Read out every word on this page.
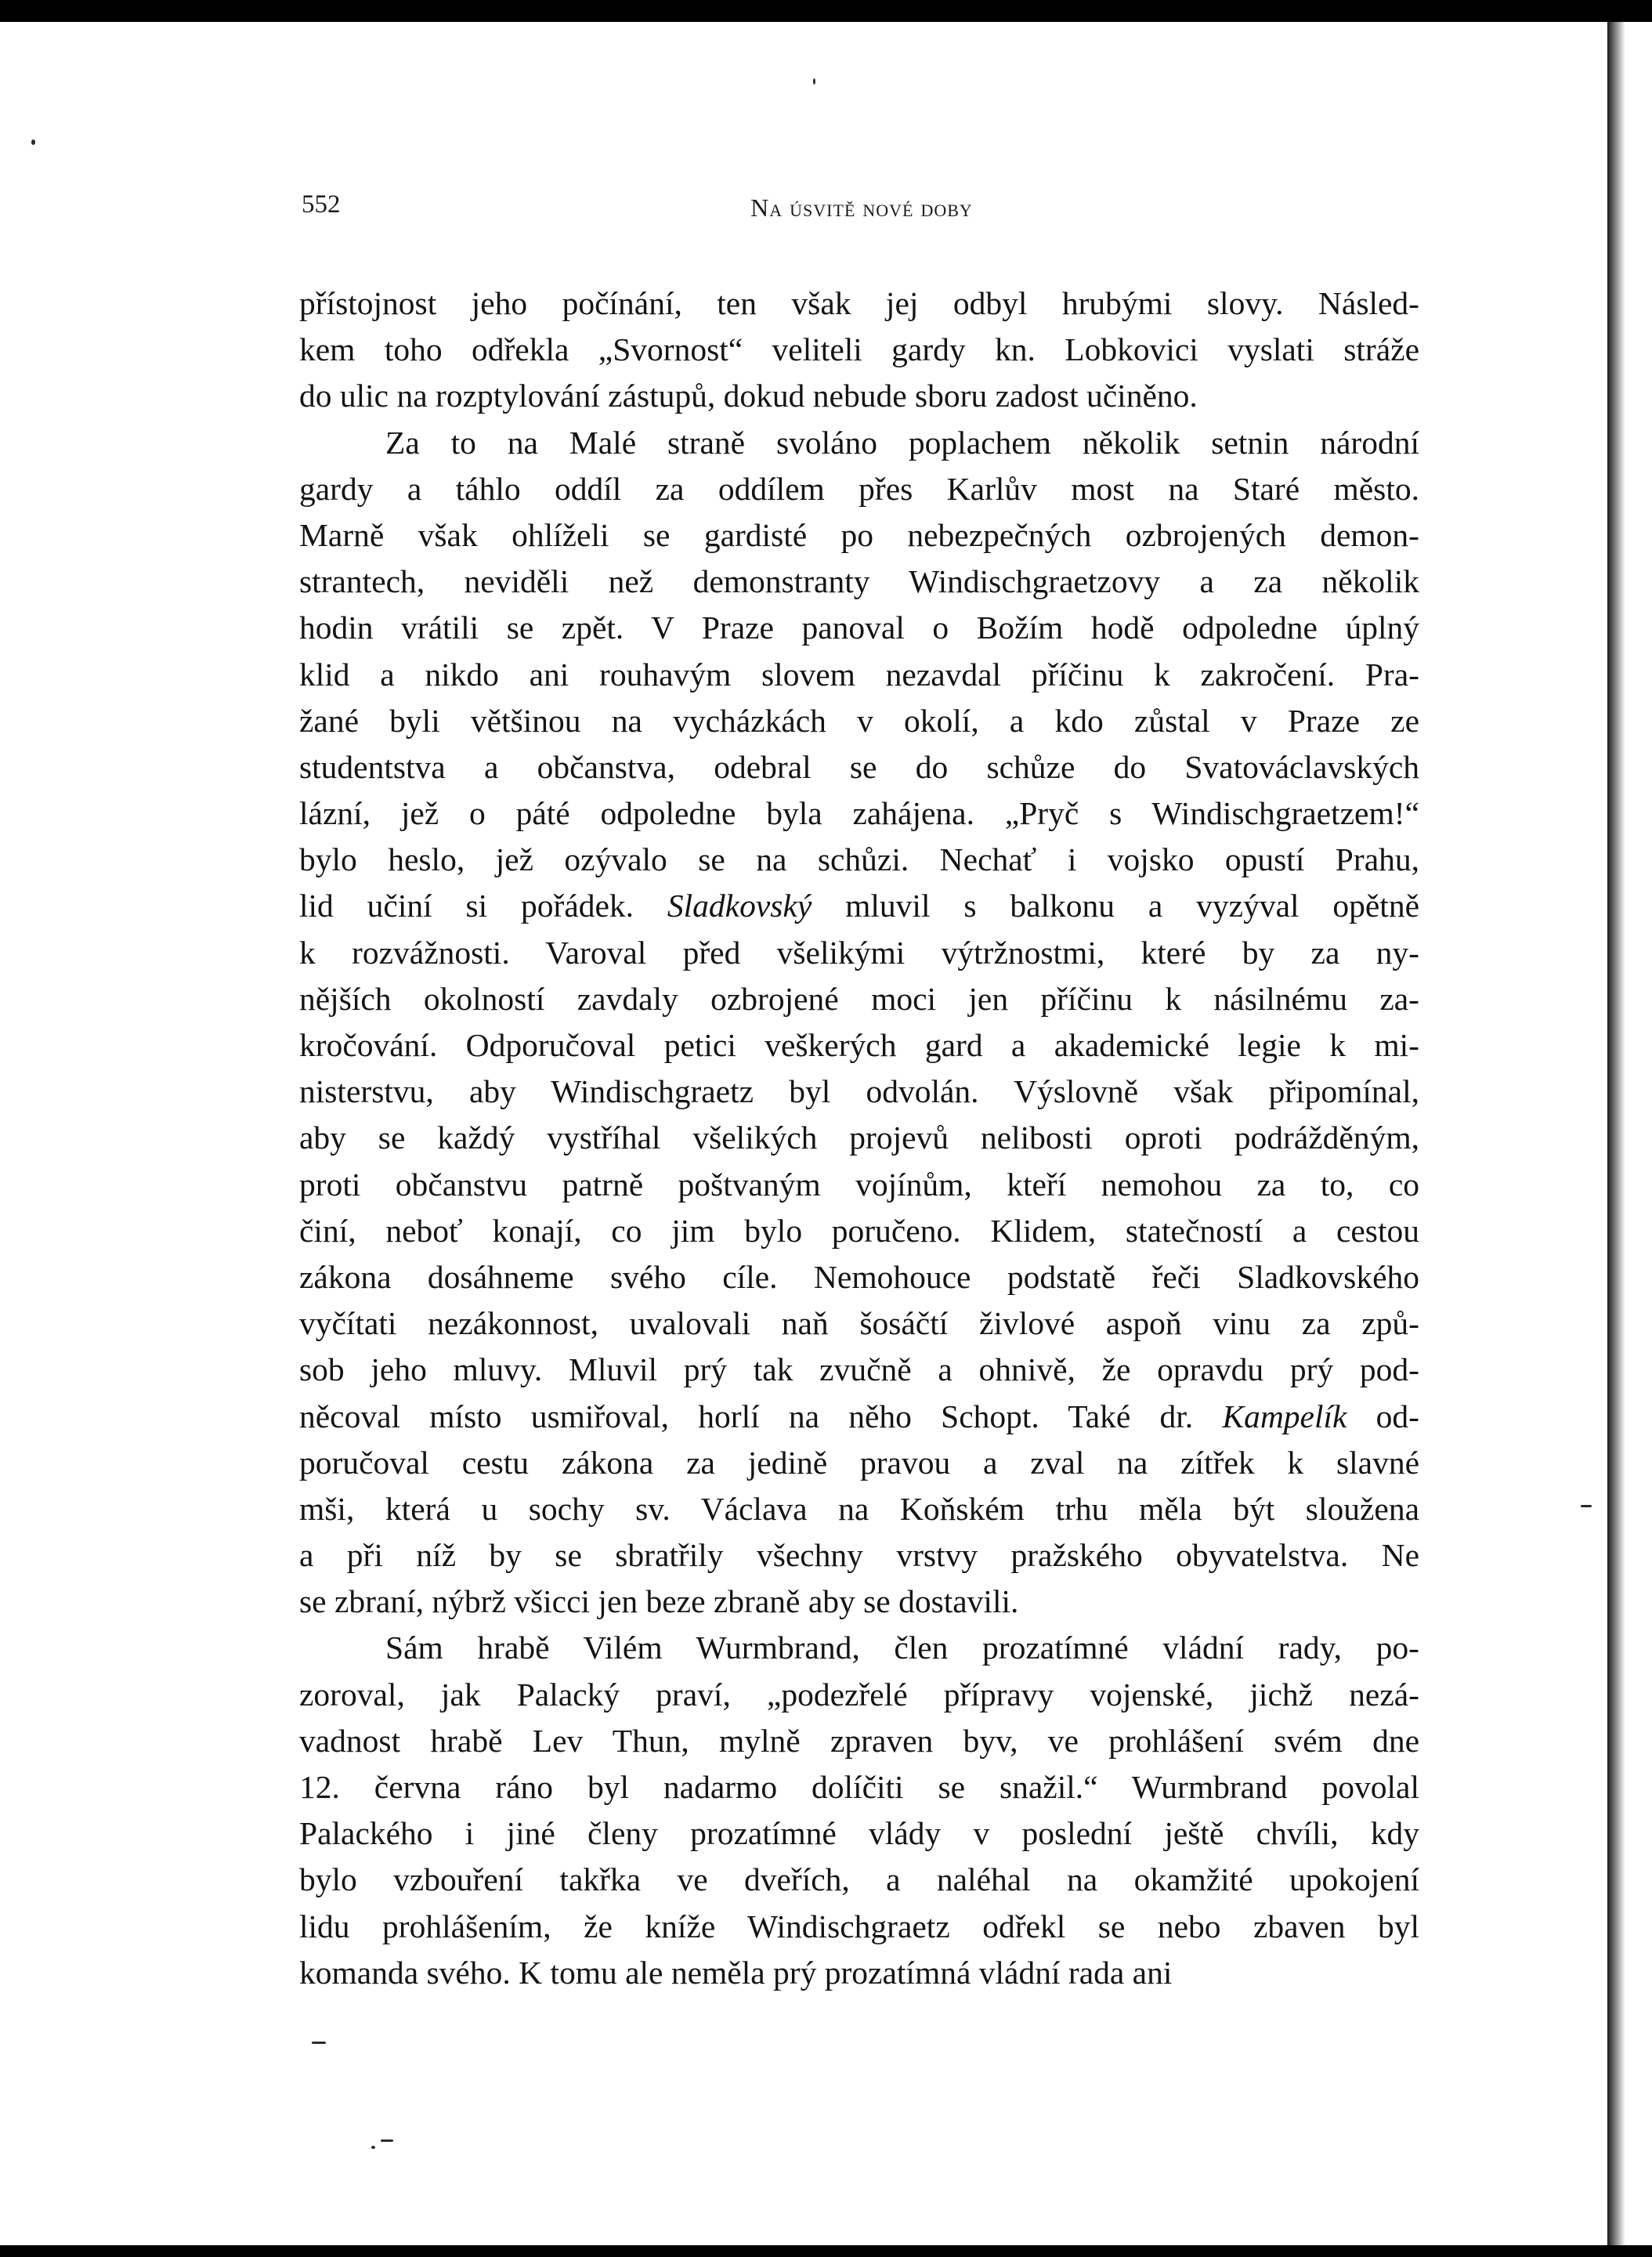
552	Na úsvitě nové doby
přístojnost jeho počínání, ten však jej odbyl hrubými slovy. Násled-
kem toho odřekla „Svornost“ veliteli gardy kn. Lobkovici vyslati stráže
do ulic na rozptylování zástupů, dokud nebude sboru zadost učiněno.
Za to na Malé straně svoláno poplachem několik setnin národní
gardy a táhlo oddíl za oddílem přes Karlův most na Staré město.
Marně však ohlíželi se gardisté po nebezpečných ozbrojených demon-
strantech, neviděli než demonstranty Windischgraetzovy a za několik
hodin vrátili se zpět. V Praze panoval o Božím hodě odpoledne úplný
klid a nikdo ani rouhavým slovem nezavdal příčinu k zakročení. Pra-
žané byli většinou na vycházkách v okolí, a kdo zůstal v Praze ze
studentstva a občanstva, odebral se do schůze do Svatováclavských
lázní, jež o páté odpoledne byla zahájena. „Pryč s Windischgraetzem!“
bylo heslo, jež ozývalo se na schůzi. Nechať i vojsko opustí Prahu,
lid učiní si pořádek. Sladkovský mluvil s balkonu a vyzýval opětně
k rozvážnosti. Varoval před všelikými výtržnostmi, které by za ny-
nějších okolností zavdaly ozbrojené moci jen příčinu k násilnému za-
kročování. Odporučoval petici veškerých gard a akademické legie k mi-
nisterstvu, aby Windischgraetz byl odvolán. Výslovně však připomínal,
aby se každý vystříhal všelikých projevů nelibosti oproti podrážděným,
proti občanstvu patrně poštvaným vojínům, kteří nemohou za to, co
činí, neboť konají, co jim bylo poručeno. Klidem, statečností a cestou
zákona dosáhneme svého cíle. Nemohouce podstatě řeči Sladkovského
vyčítati nezákonnost, uvalovali naň šosáčtí živlové aspoň vinu za způ-
sob jeho mluvy. Mluvil prý tak zvučně a ohnivě, že opravdu prý pod-
něcoval místo usmiřoval, horlí na něho Schopt. Také dr. Kampelík od-
poručoval cestu zákona za jedině pravou a zval na zítřek k slavné
mši, která u sochy sv. Václava na Koňském trhu měla být sloužena
a při níž by se sbratřily všechny vrstvy pražského obyvatelstva. Ne
se zbraní, nýbrž všicci jen beze zbraně aby se dostavili.
Sám hrabě Vilém Wurmbrand, člen prozatímné vládní rady, po-
zoroval, jak Palacký praví, „podezřelé přípravy vojenské, jichž nezá-
vadnost hrabě Lev Thun, mylně zpraven byv, ve prohlášení svém dne
12. června ráno byl nadarmo dolíčiti se snažil.“ Wurmbrand povolal
Palackého i jiné členy prozatímné vlády v poslední ještě chvíli, kdy
bylo vzbouření takřka ve dveřích, a naléhal na okamžité upokojení
lidu prohlášením, že kníže Windischgraetz odřekl se nebo zbaven byl
komanda svého. K tomu ale neměla prý prozatímná vládní rada ani
